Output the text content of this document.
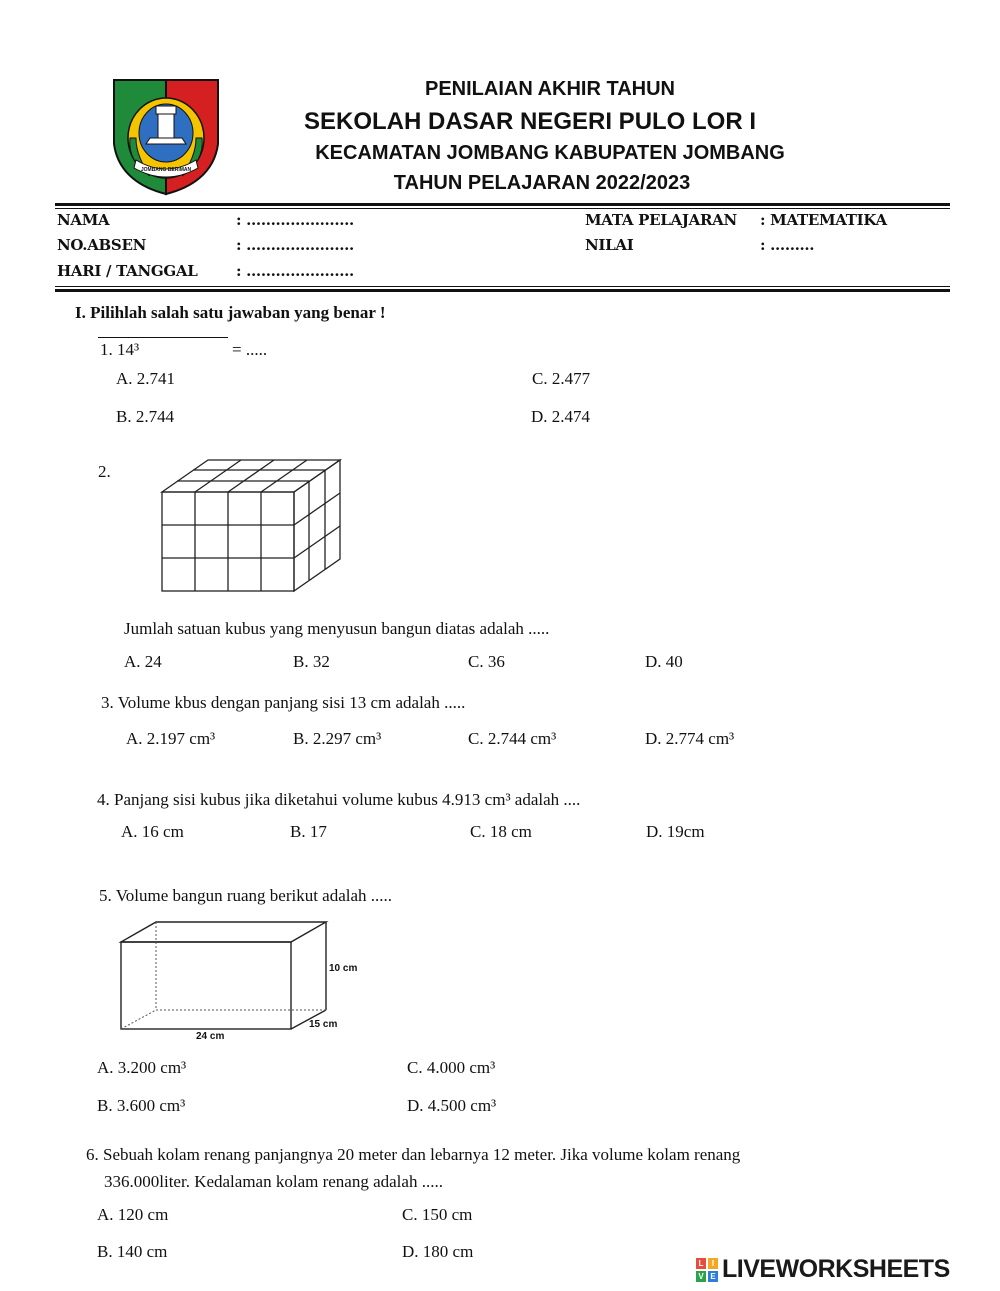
JOMBANG BERIMAN
PENILAIAN AKHIR TAHUN
SEKOLAH DASAR NEGERI PULO LOR I
KECAMATAN JOMBANG KABUPATEN JOMBANG
TAHUN PELAJARAN 2022/2023
NAMA	: ………………….
NO.ABSEN	: ………………….
HARI / TANGGAL	: ………………….
MATA PELAJARAN : MATEMATIKA
NILAI	: ………
I. Pilihlah salah satu jawaban yang benar !
1. 14³	= .....
A. 2.741	C. 2.477
B. 2.744	D. 2.474
2.
Jumlah satuan kubus yang menyusun bangun diatas adalah .....
A. 24	B. 32	C. 36	D. 40
3. Volume kbus dengan panjang sisi 13 cm adalah .....
A. 2.197 cm³	B. 2.297 cm³	C. 2.744 cm³	D. 2.774 cm³
4. Panjang sisi kubus jika diketahui volume kubus 4.913 cm³ adalah ....
A. 16 cm	B. 17	C. 18 cm	D. 19cm
5. Volume bangun ruang berikut adalah .....
10 cm
15 cm
24 cm
A. 3.200 cm³	C. 4.000 cm³
B. 3.600 cm³	D. 4.500 cm³
6. Sebuah kolam renang panjangnya 20 meter dan lebarnya 12 meter. Jika volume kolam renang
336.000liter. Kedalaman kolam renang adalah .....
A. 120 cm	C. 150 cm
B. 140 cm	D. 180 cm
L	I
V E LIVEWORKSHEETS
